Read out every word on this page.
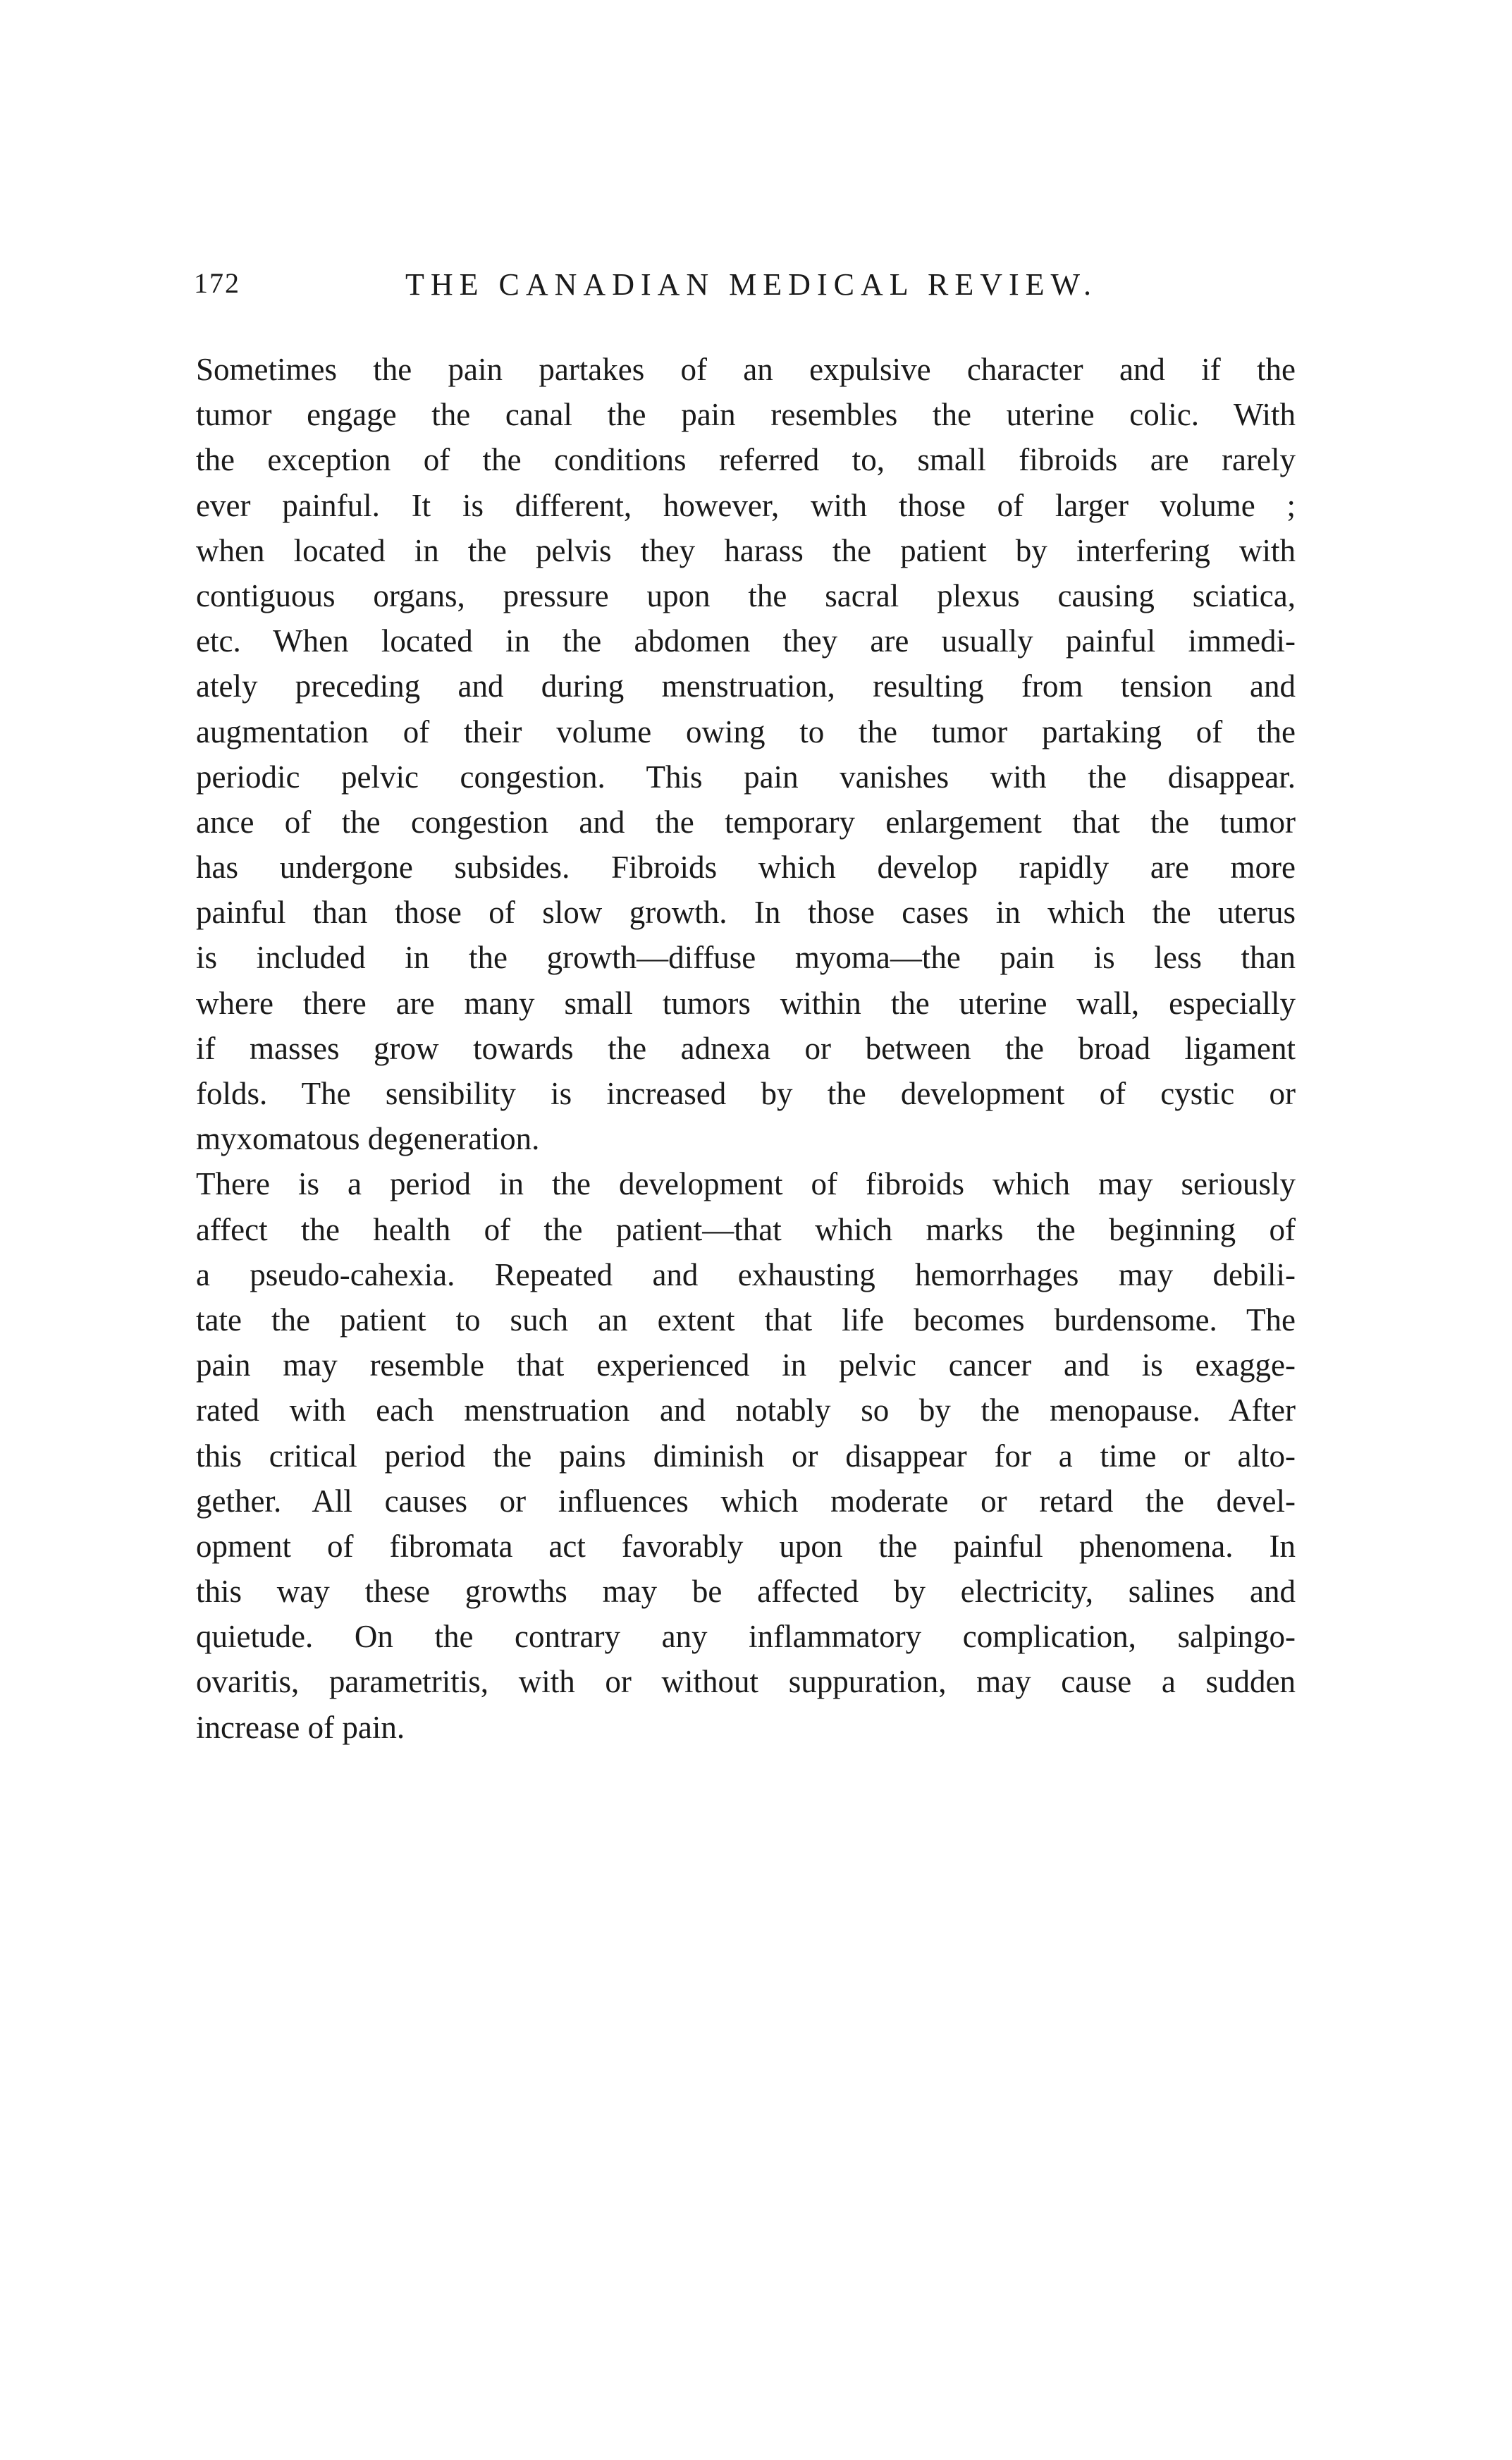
172	THE CANADIAN MEDICAL REVIEW.
Sometimes the pain partakes of an expulsive character and if the
tumor engage the canal the pain resembles the uterine colic. With
the exception of the conditions referred to, small fibroids are rarely
ever painful. It is different, however, with those of larger volume ;
when located in the pelvis they harass the patient by interfering with
contiguous organs, pressure upon the sacral plexus causing sciatica,
etc. When located in the abdomen they are usually painful immedi-
ately preceding and during menstruation, resulting from tension and
augmentation of their volume owing to the tumor partaking of the
periodic pelvic congestion. This pain vanishes with the disappear.
ance of the congestion and the temporary enlargement that the tumor
has undergone subsides. Fibroids which develop rapidly are more
painful than those of slow growth. In those cases in which the uterus
is included in the growth—diffuse myoma—the pain is less than
where there are many small tumors within the uterine wall, especially
if masses grow towards the adnexa or between the broad ligament
folds. The sensibility is increased by the development of cystic or
myxomatous degeneration.
There is a period in the development of fibroids which may seriously
affect the health of the patient—that which marks the beginning of
a pseudo-cahexia. Repeated and exhausting hemorrhages may debili-
tate the patient to such an extent that life becomes burdensome. The
pain may resemble that experienced in pelvic cancer and is exagge-
rated with each menstruation and notably so by the menopause. After
this critical period the pains diminish or disappear for a time or alto-
gether. All causes or influences which moderate or retard the devel-
opment of fibromata act favorably upon the painful phenomena. In
this way these growths may be affected by electricity, salines and
quietude. On the contrary any inflammatory complication, salpingo-
ovaritis, parametritis, with or without suppuration, may cause a sudden
increase of pain.
